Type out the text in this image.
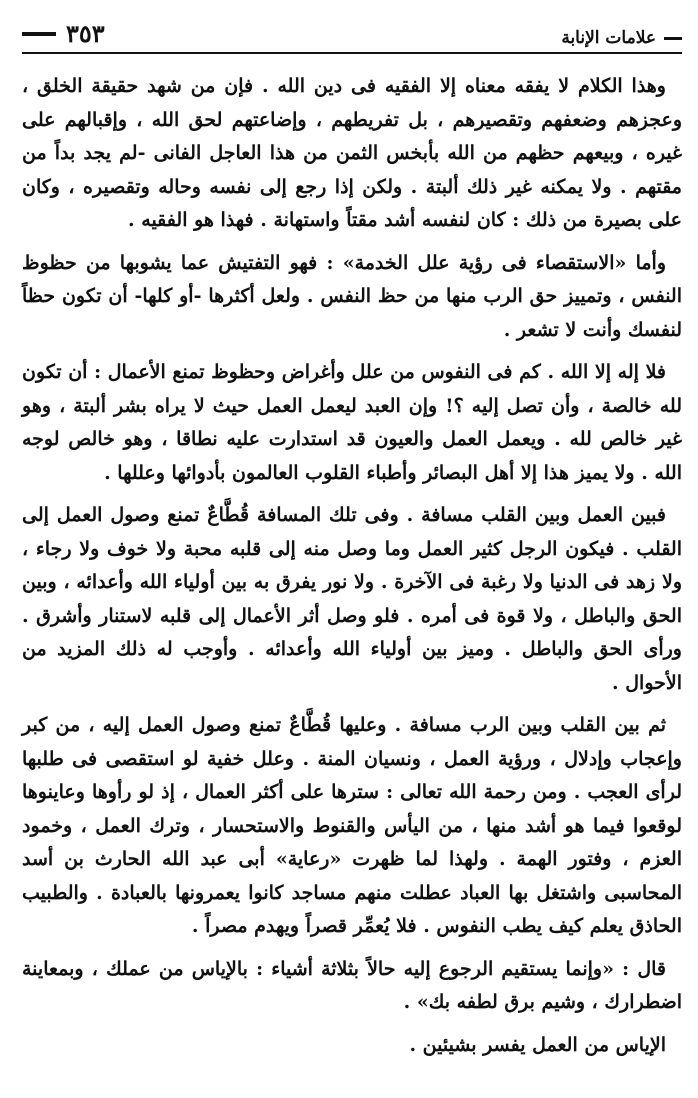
علامات الإنابة
٣٥٣

وهذا الكلام لا يفقه معناه إلا الفقيه فى دين الله . فإن من شهد حقيقة الخلق ، وعجزهم وضعفهم وتقصيرهم ، بل تفريطهم ، وإضاعتهم لحق الله ، وإقبالهم على غيره ، وبيعهم حظهم من الله بأبخس الثمن من هذا العاجل الفانى -لم يجد بداً من مقتهم . ولا يمكنه غير ذلك ألبتة . ولكن إذا رجع إلى نفسه وحاله وتقصيره ، وكان على بصيرة من ذلك : كان لنفسه أشد مقتاً واستهانة . فهذا هو الفقيه .

وأما «الاستقصاء فى رؤية علل الخدمة» : فهو التفتيش عما يشوبها من حظوظ النفس ، وتمييز حق الرب منها من حظ النفس . ولعل أكثرها -أو كلها- أن تكون حظاً لنفسك وأنت لا تشعر .

فلا إله إلا الله . كم فى النفوس من علل وأغراض وحظوظ تمنع الأعمال : أن تكون لله خالصة ، وأن تصل إليه ؟! وإن العبد ليعمل العمل حيث لا يراه بشر ألبتة ، وهو غير خالص لله . ويعمل العمل والعيون قد استدارت عليه نطاقا ، وهو خالص لوجه الله . ولا يميز هذا إلا أهل البصائر وأطباء القلوب العالمون بأدوائها وعللها .

فبين العمل وبين القلب مسافة . وفى تلك المسافة قُطَّاعٌ تمنع وصول العمل إلى القلب . فيكون الرجل كثير العمل وما وصل منه إلى قلبه محبة ولا خوف ولا رجاء ، ولا زهد فى الدنيا ولا رغبة فى الآخرة . ولا نور يفرق به بين أولياء الله وأعدائه ، وبين الحق والباطل ، ولا قوة فى أمره . فلو وصل أثر الأعمال إلى قلبه لاستنار وأشرق . ورأى الحق والباطل . وميز بين أولياء الله وأعدائه . وأوجب له ذلك المزيد من الأحوال .

ثم بين القلب وبين الرب مسافة . وعليها قُطَّاعٌ تمنع وصول العمل إليه ، من كبر وإعجاب وإدلال ، ورؤية العمل ، ونسيان المنة . وعلل خفية لو استقصى فى طلبها لرأى العجب . ومن رحمة الله تعالى : سترها على أكثر العمال ، إذ لو رأوها وعاينوها لوقعوا فيما هو أشد منها ، من اليأس والقنوط والاستحسار ، وترك العمل ، وخمود العزم ، وفتور الهمة . ولهذا لما ظهرت «رعاية» أبى عبد الله الحارث بن أسد المحاسبى واشتغل بها العباد عطلت منهم مساجد كانوا يعمرونها بالعبادة . والطبيب الحاذق يعلم كيف يطب النفوس . فلا يُعمِّر قصراً ويهدم مصراً .

قال : «وإنما يستقيم الرجوع إليه حالاً بثلاثة أشياء : بالإياس من عملك ، وبمعاينة اضطرارك ، وشيم برق لطفه بك» .

الإياس من العمل يفسر بشيئين .
